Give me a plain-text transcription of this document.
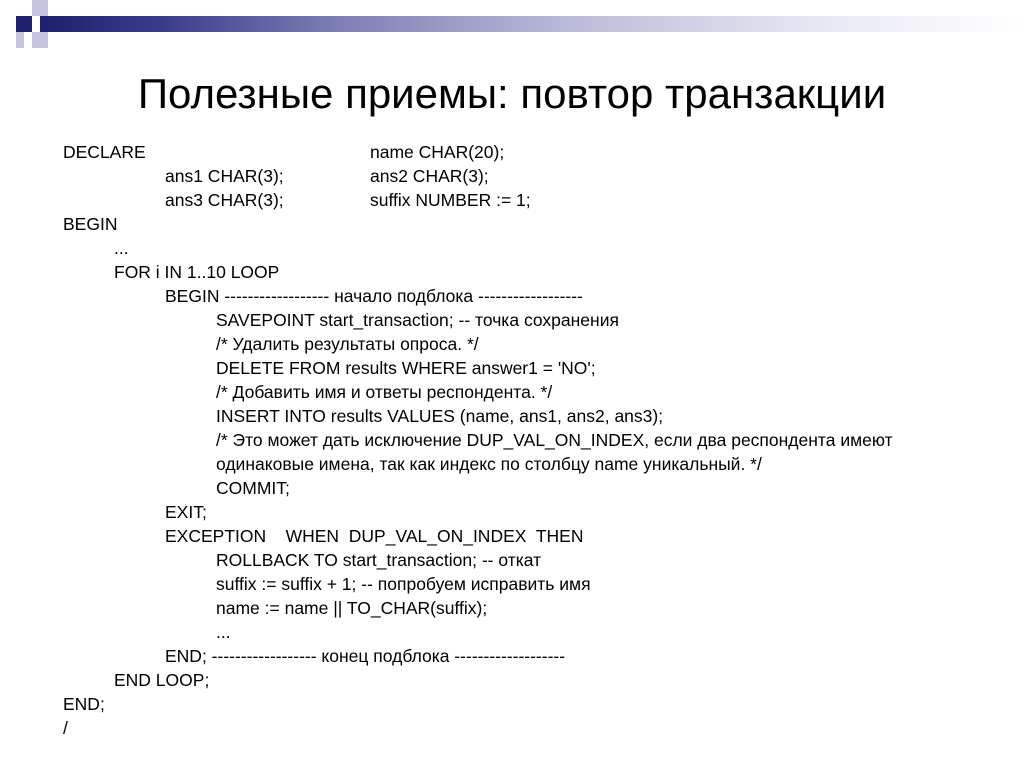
Полезные приемы: повтор транзакции
DECLARE	name CHAR(20);
ans1 CHAR(3);	ans2 CHAR(3);
ans3 CHAR(3);	suffix NUMBER := 1;
BEGIN
...
FOR i IN 1..10 LOOP
BEGIN ------------------ начало подблока ------------------
SAVEPOINT start_transaction; -- точка сохранения
/* Удалить результаты опроса. */
DELETE FROM results WHERE answer1 = 'NO';
/* Добавить имя и ответы респондента. */
INSERT INTO results VALUES (name, ans1, ans2, ans3);
/* Это может дать исключение DUP_VAL_ON_INDEX, если два респондента имеют
одинаковые имена, так как индекс по столбцу name уникальный. */
COMMIT;
EXIT;
EXCEPTION    WHEN  DUP_VAL_ON_INDEX  THEN
ROLLBACK TO start_transaction; -- откат
suffix := suffix + 1; -- попробуем исправить имя
name := name || TO_CHAR(suffix);
...
END; ------------------ конец подблока -------------------
END LOOP;
END;
/
